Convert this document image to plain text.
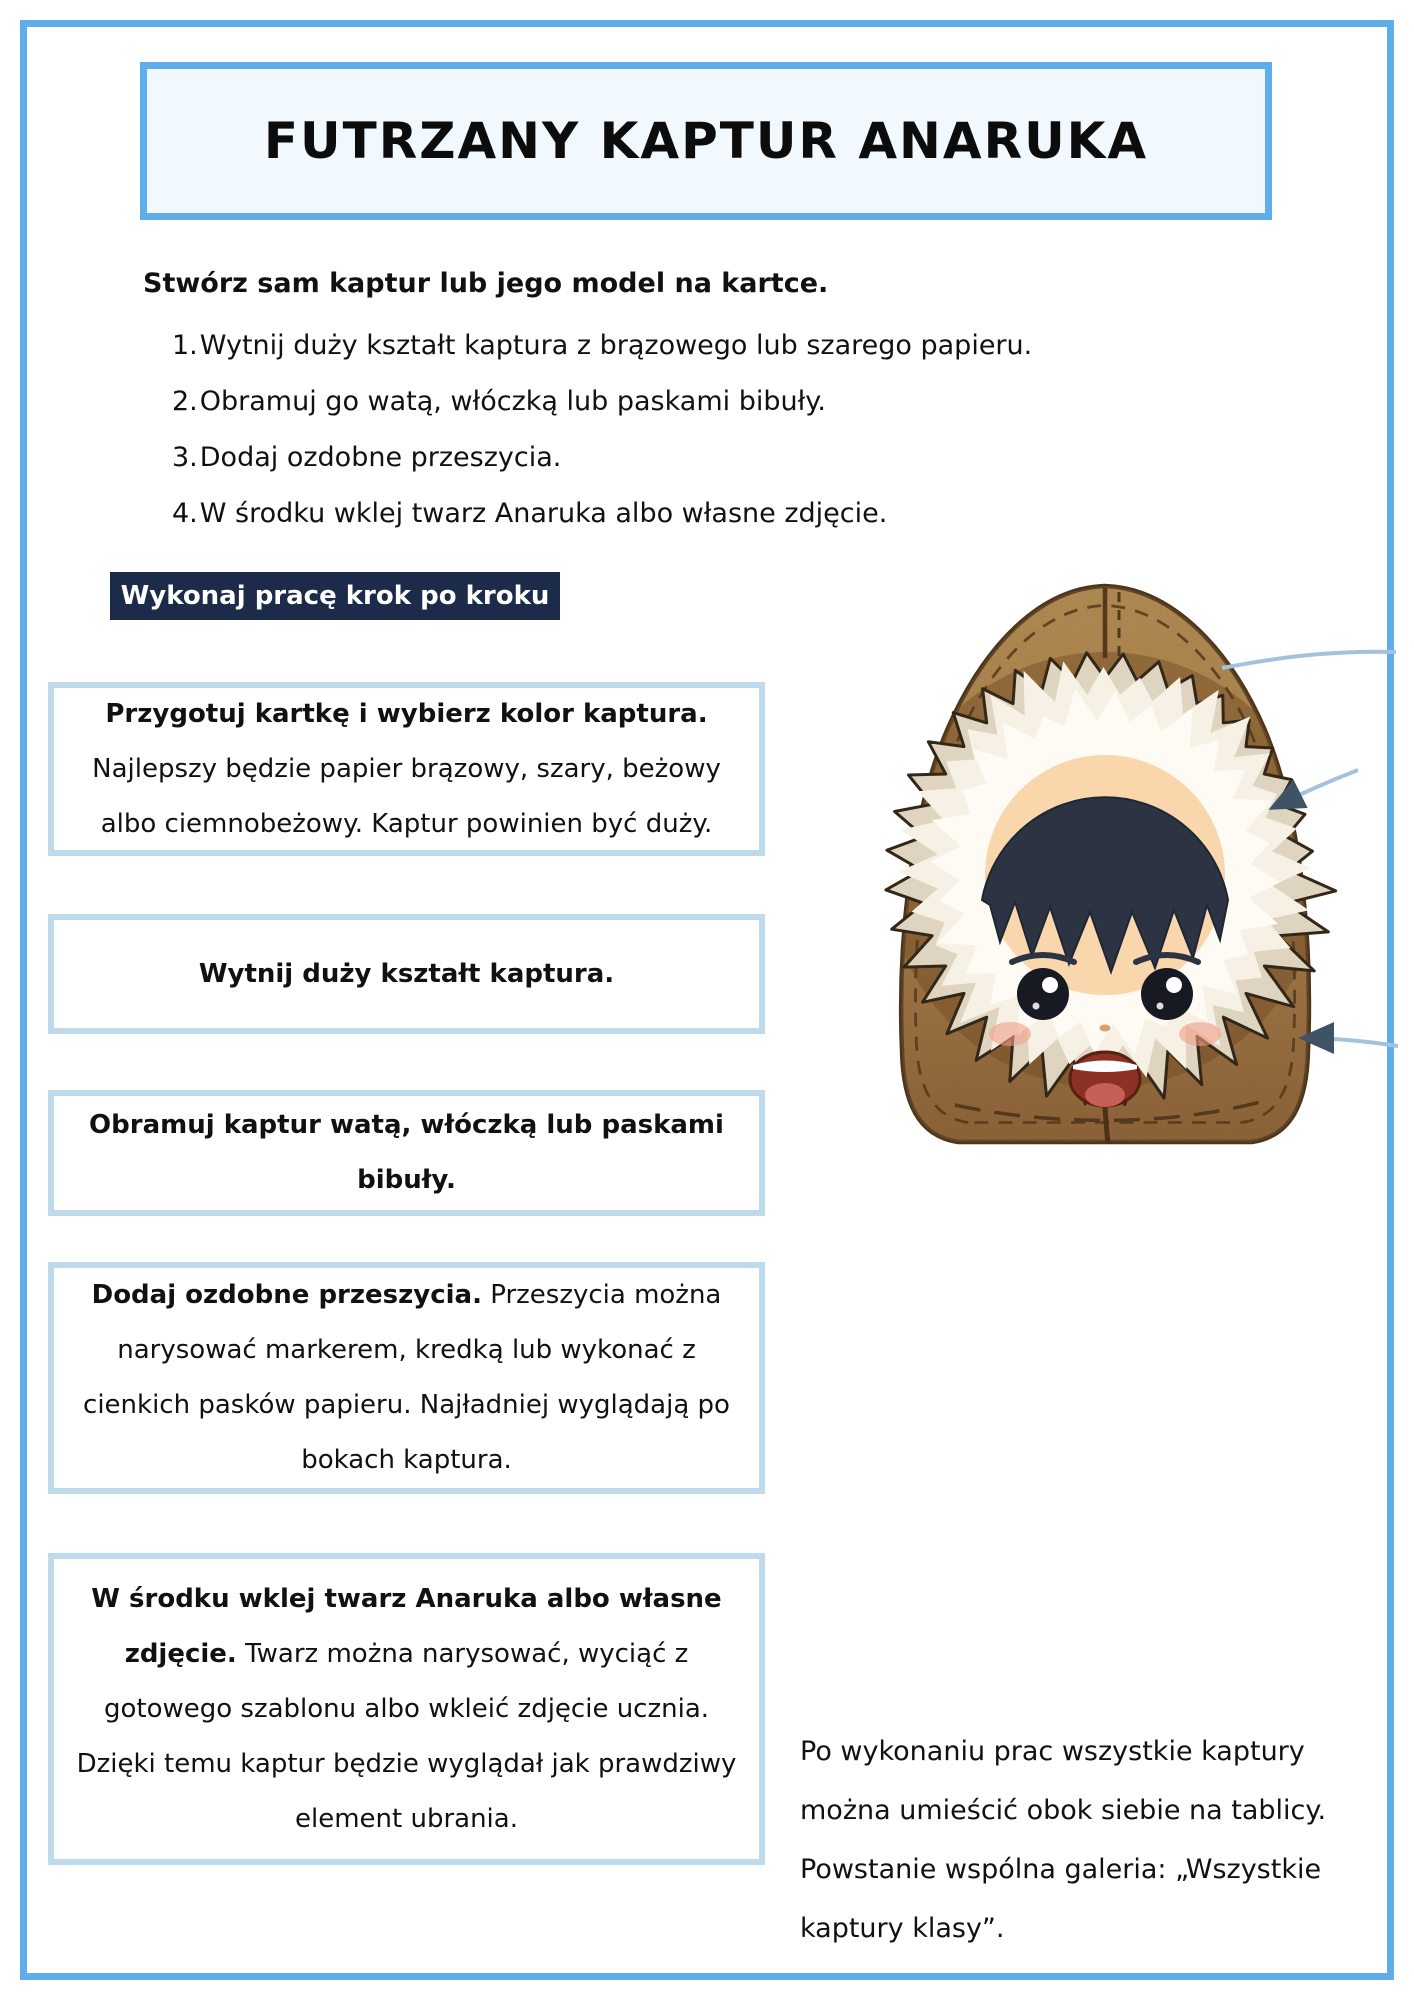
FUTRZANY KAPTUR ANARUKA

Stwórz sam kaptur lub jego model na kartce.

1.Wytnij duży kształt kaptura z brązowego lub szarego papieru.
2.Obramuj go watą, włóczką lub paskami bibuły.
3.Dodaj ozdobne przeszycia.
4.W środku wklej twarz Anaruka albo własne zdjęcie.
Wykonaj pracę krok po kroku

Przygotuj kartkę i wybierz kolor kaptura. Najlepszy będzie papier brązowy, szary, beżowy albo ciemnobeżowy. Kaptur powinien być duży.

Wytnij duży kształt kaptura.

Obramuj kaptur watą, włóczką lub paskami bibuły.

Dodaj ozdobne przeszycia. Przeszycia można narysować markerem, kredką lub wykonać z cienkich pasków papieru. Najładniej wyglądają po bokach kaptura.

W środku wklej twarz Anaruka albo własne zdjęcie. Twarz można narysować, wyciąć z gotowego szablonu albo wkleić zdjęcie ucznia. Dzięki temu kaptur będzie wyglądał jak prawdziwy element ubrania.

Po wykonaniu prac wszystkie kaptury można umieścić obok siebie na tablicy. Powstanie wspólna galeria: „Wszystkie kaptury klasy”.
